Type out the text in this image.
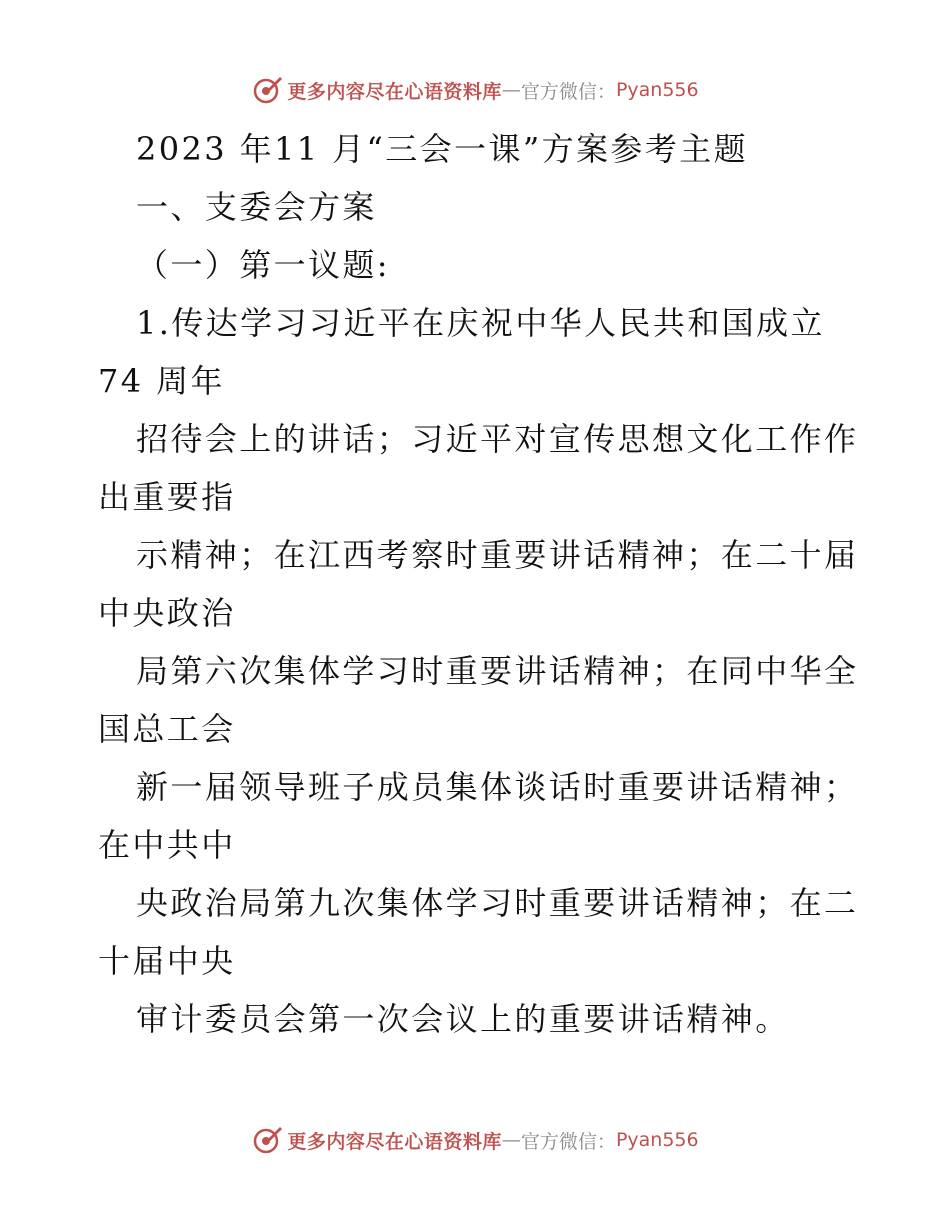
更多内容尽在心语资料库 — 官方微信： Pyan556
2023 年11 月“三会一课”方案参考主题
一、支委会方案
（一）第一议题:
1.传达学习习近平在庆祝中华人民共和国成立
74 周年
招待会上的讲话；习近平对宣传思想文化工作作
出重要指
示精神；在江西考察时重要讲话精神；在二十届
中央政治
局第六次集体学习时重要讲话精神；在同中华全
国总工会
新一届领导班子成员集体谈话时重要讲话精神；
在中共中
央政治局第九次集体学习时重要讲话精神；在二
十届中央
审计委员会第一次会议上的重要讲话精神。
更多内容尽在心语资料库 — 官方微信： Pyan556
